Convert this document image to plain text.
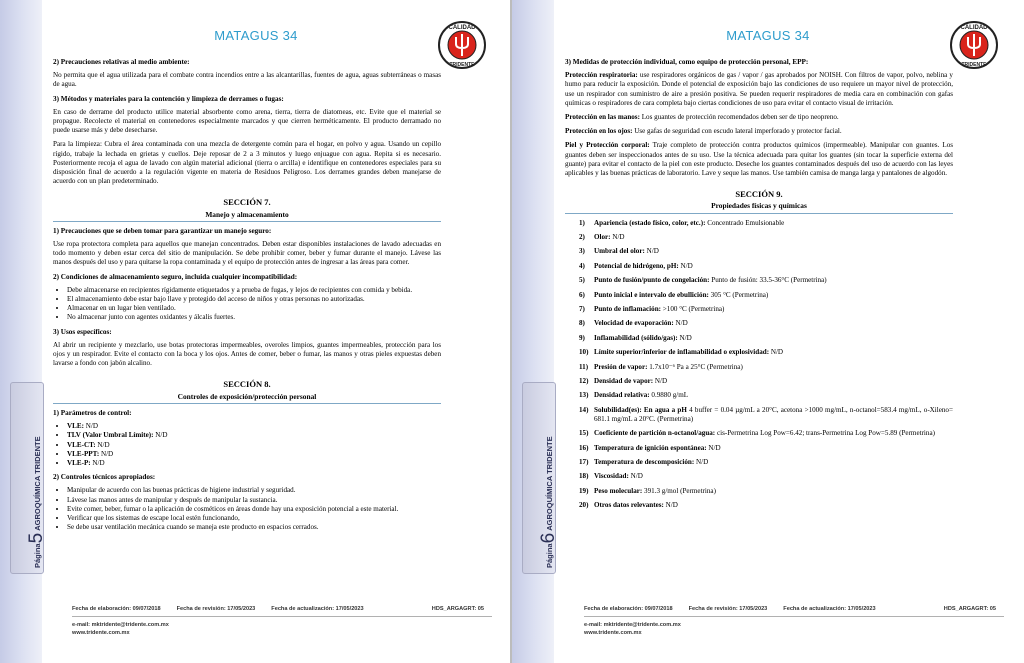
Página5 AGROQUÍMICA TRIDENTE
MATAGUS 34	CALIDAD
TRIDENTE
2) Precauciones relativas al medio ambiente:

No permita que el agua utilizada para el combate contra incendios entre a las alcantarillas, fuentes de agua, aguas subterráneas o masas de agua.

3) Métodos y materiales para la contención y limpieza de derrames o fugas:

En caso de derrame del producto utilice material absorbente como arena, tierra, tierra de diatomeas, etc. Evite que el material se propague. Recolecte el material en contenedores especialmente marcados y que cierren herméticamente. El producto derramado no puede usarse más y debe desecharse.

Para la limpieza: Cubra el área contaminada con una mezcla de detergente común para el hogar, en polvo y agua. Usando un cepillo rígido, trabaje la lechada en grietas y cuellos. Deje reposar de 2 a 3 minutos y luego enjuague con agua. Repita si es necesario. Posteriormente recoja el agua de lavado con algún material adicional (tierra o arcilla) e identifique en contenedores especiales para su disposición final de acuerdo a la regulación vigente en materia de Residuos Peligroso. Los derrames grandes deben manejarse de acuerdo con un plan predeterminado.

SECCIÓN 7.
Manejo y almacenamiento
1) Precauciones que se deben tomar para garantizar un manejo seguro:

Use ropa protectora completa para aquellos que manejan concentrados. Deben estar disponibles instalaciones de lavado adecuadas en todo momento y deben estar cerca del sitio de manipulación. Se debe prohibir comer, beber y fumar durante el manejo. Lávese las manos después del uso y para quitarse la ropa contaminada y el equipo de protección antes de ingresar a las áreas para comer.

2) Condiciones de almacenamiento seguro, incluida cualquier incompatibilidad:
• Debe almacenarse en recipientes rígidamente etiquetados y a prueba de fugas, y lejos de recipientes con comida y bebida.
• El almacenamiento debe estar bajo llave y protegido del acceso de niños y otras personas no autorizadas.
• Almacenar en un lugar bien ventilado.
• No almacenar junto con agentes oxidantes y álcalis fuertes.
3) Usos específicos:

Al abrir un recipiente y mezclarlo, use botas protectoras impermeables, overoles limpios, guantes impermeables, protección para los ojos y un respirador. Evite el contacto con la boca y los ojos. Antes de comer, beber o fumar, las manos y otras pieles expuestas deben lavarse a fondo con jabón alcalino.

SECCIÓN 8.
Controles de exposición/protección personal
1) Parámetros de control:
• VLE: N/D
• TLV (Valor Umbral Límite): N/D
• VLE-CT: N/D
• VLE-PPT: N/D
• VLE-P: N/D
2) Controles técnicos apropiados:
• Manipular de acuerdo con las buenas prácticas de higiene industrial y seguridad.
• Lávese las manos antes de manipular y después de manipular la sustancia.
• Evite comer, beber, fumar o la aplicación de cosméticos en áreas donde hay una exposición potencial a este material.
• Verificar que los sistemas de escape local estén funcionando,
• Se debe usar ventilación mecánica cuando se maneja este producto en espacios cerrados.
Fecha de elaboración: 09/07/2018	Fecha de revisión: 17/05/2023	Fecha de actualización: 17/05/2023	HDS_ARGAGRT: 05
e-mail: mktridente@tridente.com.mx
www.tridente.com.mx
Página6 AGROQUÍMICA TRIDENTE
MATAGUS 34	CALIDAD
TRIDENTE
3) Medidas de protección individual, como equipo de protección personal, EPP:

Protección respiratoria: use respiradores orgánicos de gas / vapor / gas aprobados por NOISH. Con filtros de vapor, polvo, neblina y humo para reducir la exposición. Donde el potencial de exposición bajo las condiciones de uso requiere un mayor nivel de protección, use un respirador con suministro de aire a presión positiva. Se pueden requerir respiradores de media cara en combinación con gafas químicas o respiradores de cara completa bajo ciertas condiciones de uso para evitar el contacto visual de irritación.

Protección en las manos: Los guantes de protección recomendados deben ser de tipo neopreno.

Protección en los ojos: Use gafas de seguridad con escudo lateral imperforado y protector facial.

Piel y Protección corporal: Traje completo de protección contra productos químicos (impermeable). Manipular con guantes. Los guantes deben ser inspeccionados antes de su uso. Use la técnica adecuada para quitar los guantes (sin tocar la superficie externa del guante) para evitar el contacto de la piel con este producto. Deseche los guantes contaminados después del uso de acuerdo con las leyes aplicables y las buenas prácticas de laboratorio. Lave y seque las manos. Use también camisa de manga larga y pantalones de algodón.

SECCIÓN 9.
Propiedades físicas y químicas
1) Apariencia (estado físico, color, etc.): Concentrado Emulsionable
2) Olor: N/D
3) Umbral del olor: N/D
4) Potencial de hidrógeno, pH: N/D
5) Punto de fusión/punto de congelación: Punto de fusión: 33.5-36°C (Permetrina)
6) Punto inicial e intervalo de ebullición: 305 °C (Permetrina)
7) Punto de inflamación: >100 °C (Permetrina)
8) Velocidad de evaporación: N/D
9) Inflamabilidad (sólido/gas): N/D
10) Límite superior/inferior de inflamabilidad o explosividad: N/D
11) Presión de vapor: 1.7x10⁻⁶ Pa a 25°C (Permetrina)
12) Densidad de vapor: N/D
13) Densidad relativa: 0.9880 g/mL
14) Solubilidad(es): En agua a pH 4 buffer = 0.04 µg/mL a 20°C, acetona >1000 mg/mL, n-octanol=583.4 mg/mL, o-Xileno= 681.1 mg/mL a 20°C. (Permetrina)
15) Coeficiente de partición n-octanol/agua: cis-Permetrina Log Pow=6.42; trans-Permetrina Log Pow=5.89 (Permetrina)
16) Temperatura de ignición espontánea: N/D
17) Temperatura de descomposición: N/D
18) Viscosidad: N/D
19) Peso molecular: 391.3 g/mol (Permetrina)
20) Otros datos relevantes: N/D
Fecha de elaboración: 09/07/2018	Fecha de revisión: 17/05/2023	Fecha de actualización: 17/05/2023	HDS_ARGAGRT: 05
e-mail: mktridente@tridente.com.mx
www.tridente.com.mx
